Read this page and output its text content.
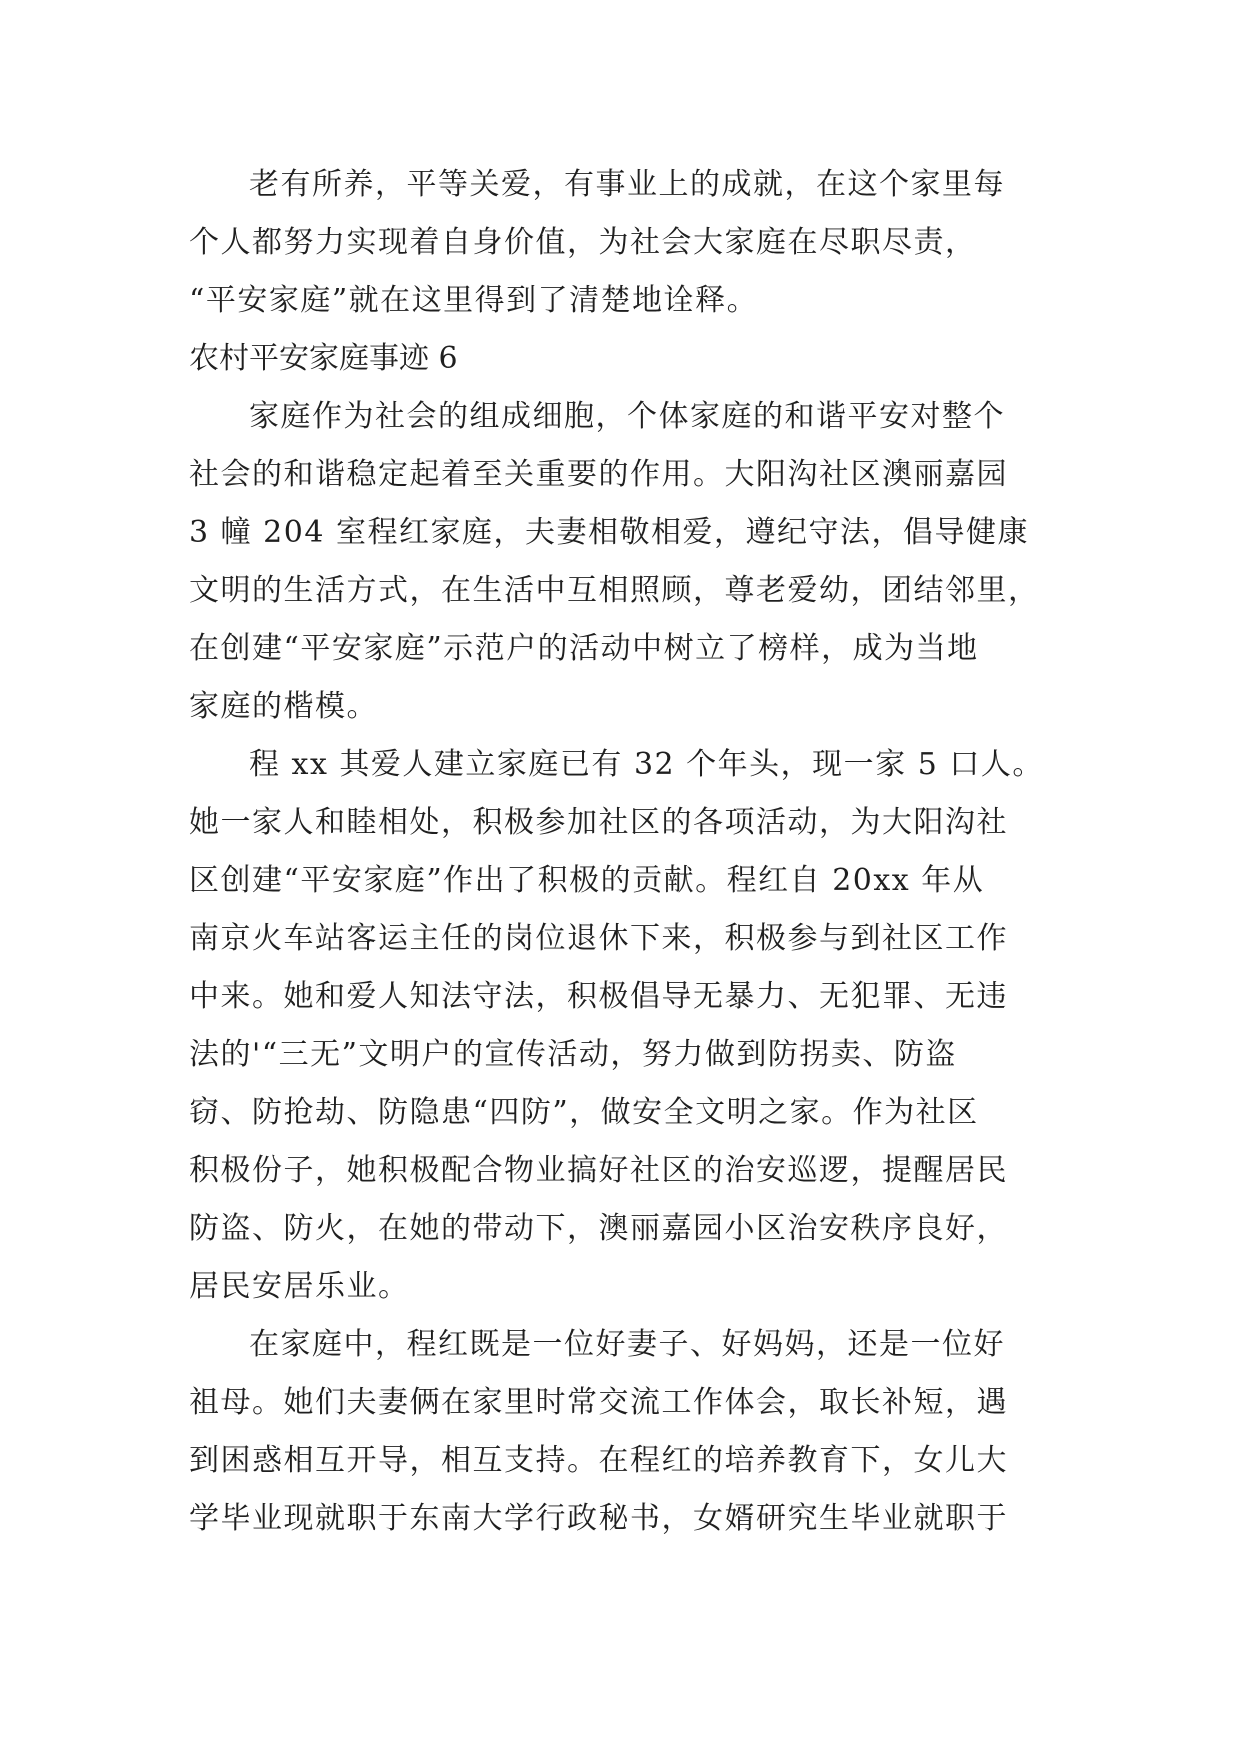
老有所养，平等关爱，有事业上的成就，在这个家里每
个人都努力实现着自身价值，为社会大家庭在尽职尽责，
“平安家庭”就在这里得到了清楚地诠释。
农村平安家庭事迹 6
家庭作为社会的组成细胞，个体家庭的和谐平安对整个
社会的和谐稳定起着至关重要的作用。大阳沟社区澳丽嘉园
3 幢 204 室程红家庭，夫妻相敬相爱，遵纪守法，倡导健康
文明的生活方式，在生活中互相照顾，尊老爱幼，团结邻里，
在创建“平安家庭”示范户的活动中树立了榜样，成为当地
家庭的楷模。
程 xx 其爱人建立家庭已有 32 个年头，现一家 5 口人。
她一家人和睦相处，积极参加社区的各项活动，为大阳沟社
区创建“平安家庭”作出了积极的贡献。程红自 20xx 年从
南京火车站客运主任的岗位退休下来，积极参与到社区工作
中来。她和爱人知法守法，积极倡导无暴力、无犯罪、无违
法的'“三无”文明户的宣传活动，努力做到防拐卖、防盗
窃、防抢劫、防隐患“四防”，做安全文明之家。作为社区
积极份子，她积极配合物业搞好社区的治安巡逻，提醒居民
防盗、防火，在她的带动下，澳丽嘉园小区治安秩序良好，
居民安居乐业。
在家庭中，程红既是一位好妻子、好妈妈，还是一位好
祖母。她们夫妻俩在家里时常交流工作体会，取长补短，遇
到困惑相互开导，相互支持。在程红的培养教育下，女儿大
学毕业现就职于东南大学行政秘书，女婿研究生毕业就职于
